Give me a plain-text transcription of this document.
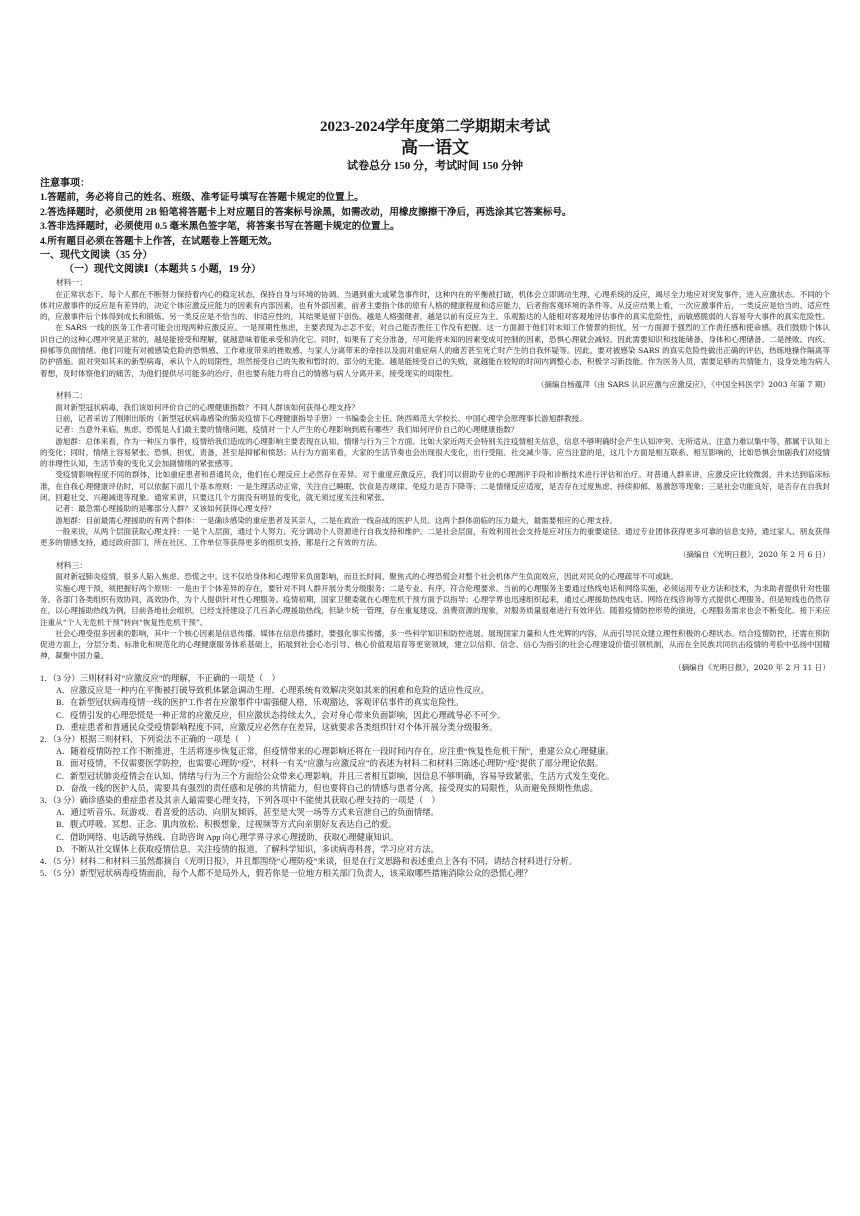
2023-2024学年度第二学期期末考试
高一语文
试卷总分 150 分，考试时间 150 分钟
注意事项：
1.答题前，务必将自己的姓名、班级、准考证号填写在答题卡规定的位置上。
2.答选择题时，必须使用 2B 铅笔将答题卡上对应题目的答案标号涂黑，如需改动，用橡皮擦擦干净后，再选涂其它答案标号。
3.答非选择题时，必须使用 0.5 毫米黑色签字笔，将答案书写在答题卡规定的位置上。
4.所有题目必须在答题卡上作答，在试题卷上答题无效。
一、现代文阅读（35 分）
（一）现代文阅读Ⅰ（本题共 5 小题，19 分）
材料一：

在正常状态下，每个人都在不断努力保持着内心的稳定状态，保持自身与环境的协调。当遇到重大或紧急事件时，这种内在的平衡被打破，机体会立即调动生理、心理系统的反应，竭尽全力地应对突发事件，进入应激状态。不同的个体对应激事件的反应是有差异的，决定个体应激反应能力的因素有内部因素，也有外部因素，前者主要指个体的原有人格的健康程度和适应能力，后者指客观环境的条件等。从反应结果上看，一次应激事件后，一类反应是恰当的、适应性的，应激事件后个体得到成长和锻炼。另一类反应是不恰当的、非适应性的，其结果是留下创伤。越是人格强健者，越是以前有反应为主。乐观豁达的人能相对客观地评估事件的真实危险性，而敏感脆弱的人容易夸大事件的真实危险性。

在 SARS 一线的医务工作者可能会出现两种应激反应。一是预期性焦虑，主要表现为忐忑不安，对自己能否胜任工作没有把握。这一方面源于他们对未知工作情景的担忧，另一方面源于强烈的工作责任感和使命感。我们鼓励个体认识自己的这种心理冲突是正常的，越是能接受和理解，就越意味着能承受和消化它。同时，如果有了充分准备，尽可能将未知的因素变成可控制的因素，恐惧心理就会减轻。因此需要知识和技能储备、身体和心理储备。二是挫败、内疚、抑郁等负面情绪。他们可能有对被感染危险的恐惧感、工作难度带来的挫败感、与家人分离带来的牵挂以及面对重症病人的痛苦甚至死亡时产生的自我怀疑等。因此，要对被感染 SARS 的真实危险性做出正确的评估，热练地操作隔离等防护措施。面对突如其来的新型病毒，承认个人的局限性，坦然接受自己的失败和暂时的、部分的无能。越是能接受自己的失败，就越能在较短的时间内调整心态，积极学习新技能。作为医务人员，需要足够的共情能力，设身处地为病人着想，及时体察他们的痛苦，为他们提供尽可能多的治疗，但也要有能力将自己的情感与病人分离开来，接受现实的局限性。

（摘编自杨蕴萍《由 SARS 认识应激与应激反应》，《中国全科医学》2003 年第 7 期）
材料二：

面对新型冠状病毒，我们该如何评价自己的心理健康指数？不同人群该如何获得心理支持？

日前，记者采访了刚刚出版的《新型冠状病毒感染的肺炎疫情下心理健康指导手册》一书编委会主任、陕西师范大学校长、中国心理学会原理事长游旭群教授。

记者：当意外来临，焦虑、恐慌是人们最主要的情绪问题，疫情对一个人产生的心理影响到底有哪些？我们如何评价自己的心理健康指数？

游旭群：总体来看，作为一种压力事件，疫情给我们造成的心理影响主要表现在认知、情绪与行为三个方面。比如大家近两天会特别关注疫情相关信息，信息不够明确时会产生认知冲突、无所适从、注意力难以集中等，都属于认知上的变化；同时，情绪上容易紧张、恐惧、担忧、责备，甚至是抑郁和愤怒；从行为方面来看，大家的生活节奏也会出现很大变化，出行受阻、社交减少等。应当注意的是，这几个方面是相互联系、相互影响的，比如恐惧会加剧我们对疫情的非理性认知，生活节奏的变化又会加剧情绪的紧张感等。

受疫情影响程度不同的群体，比如重症患者和普通民众，他们在心理反应上必然存在差异。对于重度应激反应，我们可以借助专业的心理测评手段和诊断技术进行评估和治疗。对普通人群来讲，应激反应比较微弱，并未达到临床标准，在自我心理健康评估时，可以依据下面几个基本原则：一是生理活动正常，关注自己睡眠、饮食是否规律、免疫力是否下降等；二是情绪反应适度，是否存在过度焦虑、持续抑郁、易激怒等现象；三是社会功能良好，是否存在自我封闭、回避社交、兴趣减退等现象。通常来讲，只要这几个方面没有明显的变化，就无须过度关注和紧张。

记者：最急需心理援助的是哪部分人群？又该如何获得心理支持？

游旭群：目前最需心理援助的有两个群体：一是确诊感染的重症患者及其亲人，二是在救治一线奋战的医护人员。这两个群体面临的压力最大，最需要相应的心理支持。

一般来说，从两个层面获取心理支持：一是个人层面，通过个人努力、充分调动个人资源进行自我支持和维护。二是社会层面，有效利用社会支持是应对压力的重要途径。通过专业团体获得更多可靠的信息支持，通过家人、朋友获得更多的情感支持，通过政府部门、所在社区、工作单位等获得更多的组织支持，都是行之有效的方法。

（摘编自《光明日报》，2020 年 2 月 6 日）
材料三：

面对新冠肺炎疫情，很多人陷入焦虑、恐慌之中。这不仅给身体和心理带来负面影响，而且长时间、聚焦式的心理恐慌会对整个社会机体产生负面效应，因此对民众的心理疏导不可或缺。

实施心理干预，须把握好两个原则：一是由于个体差异的存在，要针对不同人群开展分类分级服务；二是专业、有序，符合伦理要求。当前的心理服务主要通过热线电话和网络实施，必须运用专业方法和技术，为求助者提供针对性服务。各部门各类组织有效协同、高效协作，为个人提供针对性心理服务。疫情初期，国家卫健委就在心理危机干预方面予以指导；心理学界也迅速组织起来，通过心理援助热线电话、网络在线咨询等方式提供心理服务。但是短线也仍然存在，以心理援助热线为例，目前各地社会组织，已经支持建设了几百条心理援助热线，但缺少统一管理，存在重复建设、浪费资源的现象，对服务质量很难进行有效评估。随着疫情防控形势的演进，心理服务需求也会不断变化。接下来应注重从“个人无危机干预”转向“恢复性危机干预”。

社会心理受很多因素的影响，其中一个核心因素是信息传播。媒体在信息传播时，要强化事实传播，多一些科学知识和防控进展、展现国家力量和人性光辉的内容，从而引导民众建立理性积极的心理状态。结合疫情防控，还需在预防促进方面上，分层分类、标准化和规范化的心理健康服务体系基础上，拓展到社会心态引导、核心价值观培育等更宽领域，建立以信仰、信念、信心为指引的社会心理建设价值引领机制，从而在全民族共同抗击疫情的考验中弘扬中国精神，凝聚中国力量。

（摘编自《光明日报》，2020 年 2 月 11 日）
1．（3 分）三则材料对“应激反应”的理解，不正确的一项是（　）
A．应激反应是一种内在平衡被打破导致机体紧急调动生理、心理系统有效解决突如其来的困难和危险的适应性反应。
B．在新型冠状病毒疫情一线的医护工作者在应激事件中需强健人格，乐观豁达，客观评估事件的真实危险性。
C．疫情引发的心理恐慌是一种正常的应激反应，但应激状态持续太久，会对身心带来负面影响，因此心理疏导必不可少。
D．重症患者和普通民众受疫情影响程度不同，应激反应必然存在差异，这就要求各类组织针对个体开展分类分级服务。
2．（3 分）根据三则材料，下列说法不正确的一项是（　）
A．随着疫情防控工作不断推进，生活将逐步恢复正常，但疫情带来的心理影响还将在一段时间内存在，应注重“恢复性危机干预”，重建公众心理健康。
B．面对疫情，不仅需要医学防控，也需要心理防“疫”，材料一有关“应激与应激反应”的表述为材料二和材料三陈述心理防“疫”提供了部分理论依据。
C．新型冠状肺炎疫情会在认知、情绪与行为三个方面给公众带来心理影响，并且三者相互影响，因信息不够明确，容易导致紧张，生活方式发生变化。
D．奋战一线的医护人员，需要具有强烈的责任感和足够的共情能力，但也要将自己的情感与患者分离，接受现实的局限性，从而避免预期性焦虑。
3．（3 分）确诊感染的重症患者及其亲人最需要心理支持，下列各项中不能使其获取心理支持的一项是（　）
A．通过听音乐、玩游戏、看喜爱的活动、向朋友倾诉，甚至是大哭一场等方式来宣泄自己的负面情绪。
B．腹式呼吸、冥想、正念、肌肉放松、积极想象，过视频等方式向亲朋好友表达自己的爱。
C．借助网络、电话疏导热线、自助咨询 App 向心理学界寻求心理援助，获取心理健康知识。
D．不断从社交媒体上获取疫情信息，关注疫情的报道，了解科学知识，多读病毒科普，学习应对方法。
4．（5 分）材料二和材料三虽然都摘自《光明日报》，并且都围绕“心理防疫”来谈，但是在行文思路和表述重点上各有不同，请结合材料进行分析。
5．（5 分）新型冠状病毒疫情面前，每个人都不是局外人，假若你是一位地方相关部门负责人，该采取哪些措施消除公众的恐慌心理？
